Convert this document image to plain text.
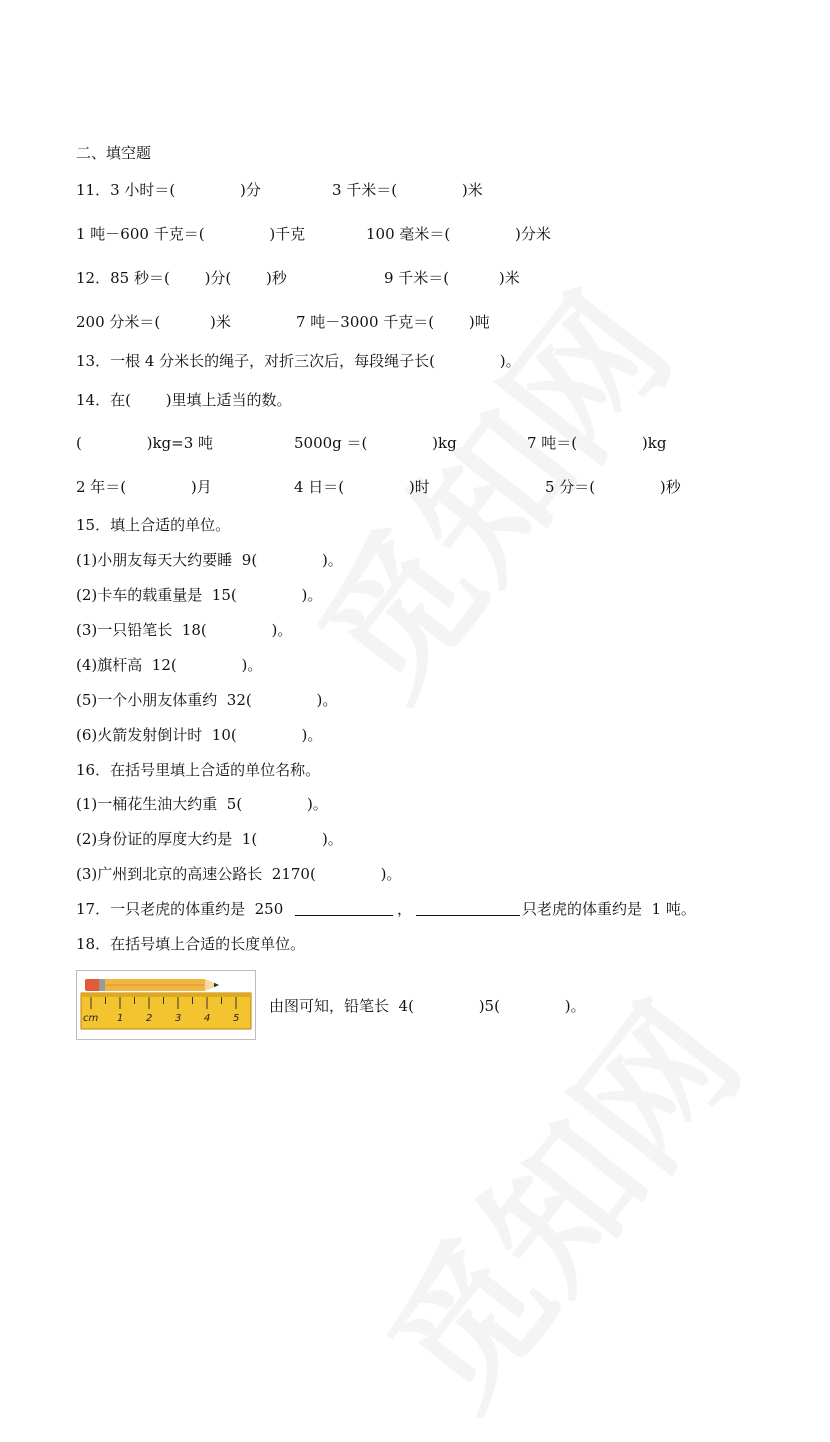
二、填空题
11．3 小时＝(　　　　 )分	3 千米＝(　　　　 )米
1 吨－600 千克＝(　　　　 )千克	100 毫米＝(　　　　 )分米
12．85 秒＝(　　 )分(　　 )秒	9 千米＝(　　　 )米
200 分米＝(　　　 )米	7 吨－3000 千克＝(　　 )吨
13．一根 4 分米长的绳子，对折三次后，每段绳子长(　　　　 )。
14．在(　　 )里填上适当的数。
(　　　　 )kg=3 吨	5000g ＝(　　　　 )kg	7 吨＝(　　　　 )kg
2 年＝(　　　　 )月	4 日＝(　　　　 )时	5 分＝(　　　　 )秒
15．填上合适的单位。
(1)小朋友每天大约要睡  9(　　　　 )。
(2)卡车的载重量是  15(　　　　 )。
(3)一只铅笔长  18(　　　　 )。
(4)旗杆高  12(　　　　 )。
(5)一个小朋友体重约  32(　　　　 )。
(6)火箭发射倒计时  10(　　　　 )。
16．在括号里填上合适的单位名称。
(1)一桶花生油大约重  5(　　　　 )。
(2)身份证的厚度大约是  1(　　　　 )。
(3)广州到北京的高速公路长  2170(　　　　 )。
17．一只老虎的体重约是  250	，	只老虎的体重约是  1 吨。
18．在括号填上合适的长度单位。
cm 1 2 3 4 5
由图可知，铅笔长  4(　　　　 )5(　　　　 )。
